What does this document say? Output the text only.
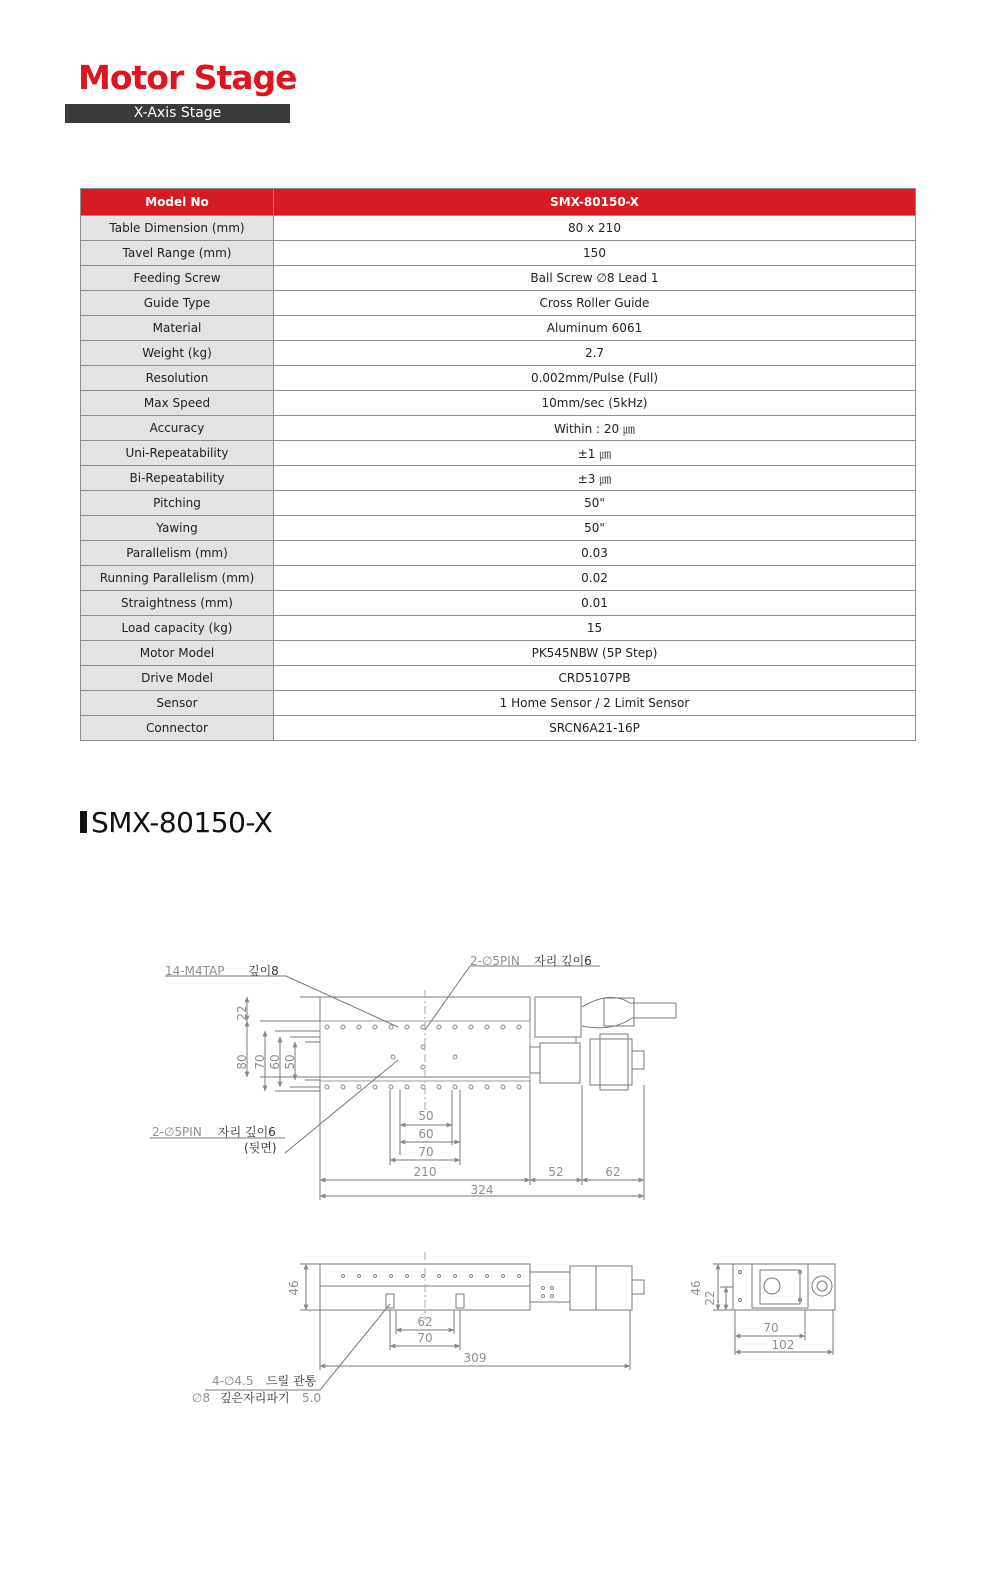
Motor Stage
X-Axis Stage
Model No	SMX-80150-X
Table Dimension (mm)	80 x 210
Tavel Range (mm)	150
Feeding Screw	Ball Screw ∅8 Lead 1
Guide Type	Cross Roller Guide
Material	Aluminum 6061
Weight (kg)	2.7
Resolution	0.002mm/Pulse (Full)
Max Speed	10mm/sec (5kHz)
Accuracy	Within : 20 ㎛
Uni-Repeatability	±1 ㎛
Bi-Repeatability	±3 ㎛
Pitching	50"
Yawing	50"
Parallelism (mm)	0.03
Running Parallelism (mm)	0.02
Straightness (mm)	0.01
Load capacity (kg)	15
Motor Model	PK545NBW (5P Step)
Drive Model	CRD5107PB
Sensor	1 Home Sensor / 2 Limit Sensor
Connector	SRCN6A21-16P
SMX-80150-X
14-M4TAP 깊이8
2-∅5PIN 자리 깊이6
2-∅5PIN 자리 깊이6
(뒷면)
22
80 70 60 50
50
60
70
210	52	62
324
46
62
70
309
4-∅4.5 드릴 관통
∅8 깊은자리파기 5.0
46
22
70
102
